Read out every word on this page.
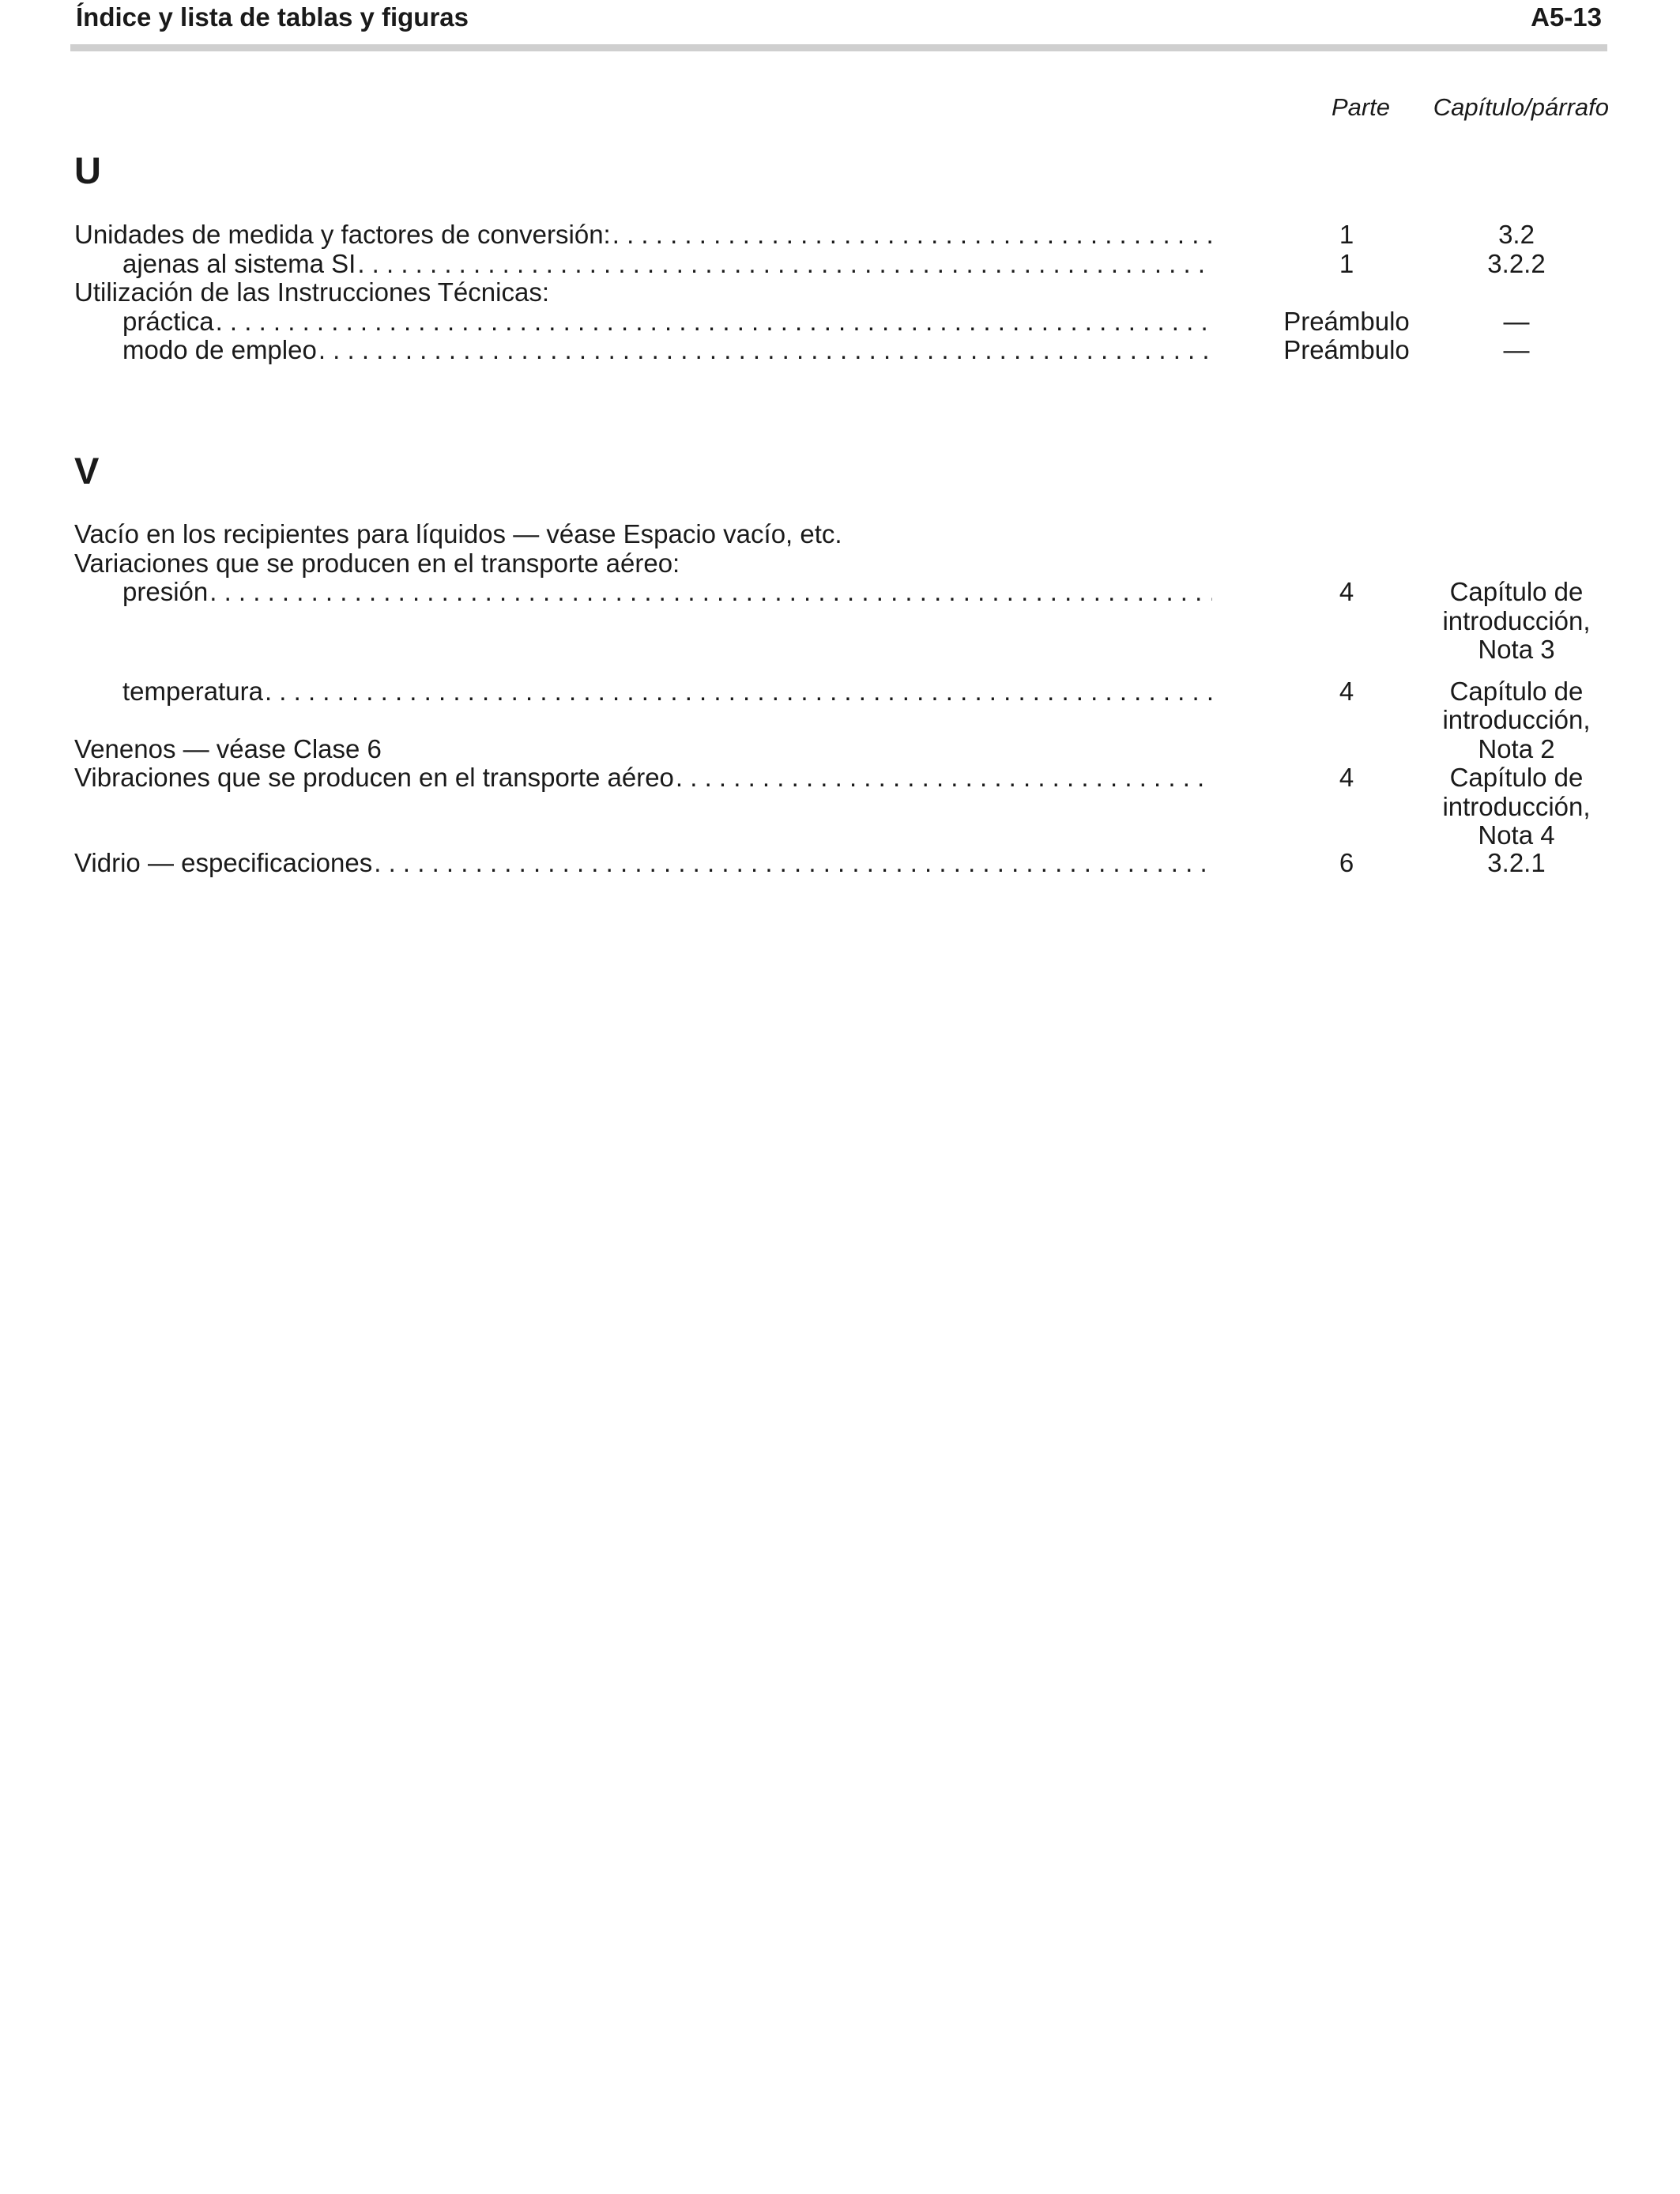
Índice y lista de tablas y figuras	A5-13
Parte	Capítulo/párrafo
U
Unidades de medida y factores de conversión: . . .	1	3.2
ajenas al sistema SI . . .	1	3.2.2
Utilización de las Instrucciones Técnicas:
práctica . . .	Preámbulo	—
modo de empleo . . .	Preámbulo	—
V
Vacío en los recipientes para líquidos — véase Espacio vacío, etc.
Variaciones que se producen en el transporte aéreo:
presión . . .	4	Capítulo de
introducción,
Nota 3
temperatura . . .	4	Capítulo de
introducción,
Nota 2
Venenos — véase Clase 6
Vibraciones que se producen en el transporte aéreo . . .	4	Capítulo de
introducción,
Nota 4
Vidrio — especificaciones . . .	6	3.2.1
